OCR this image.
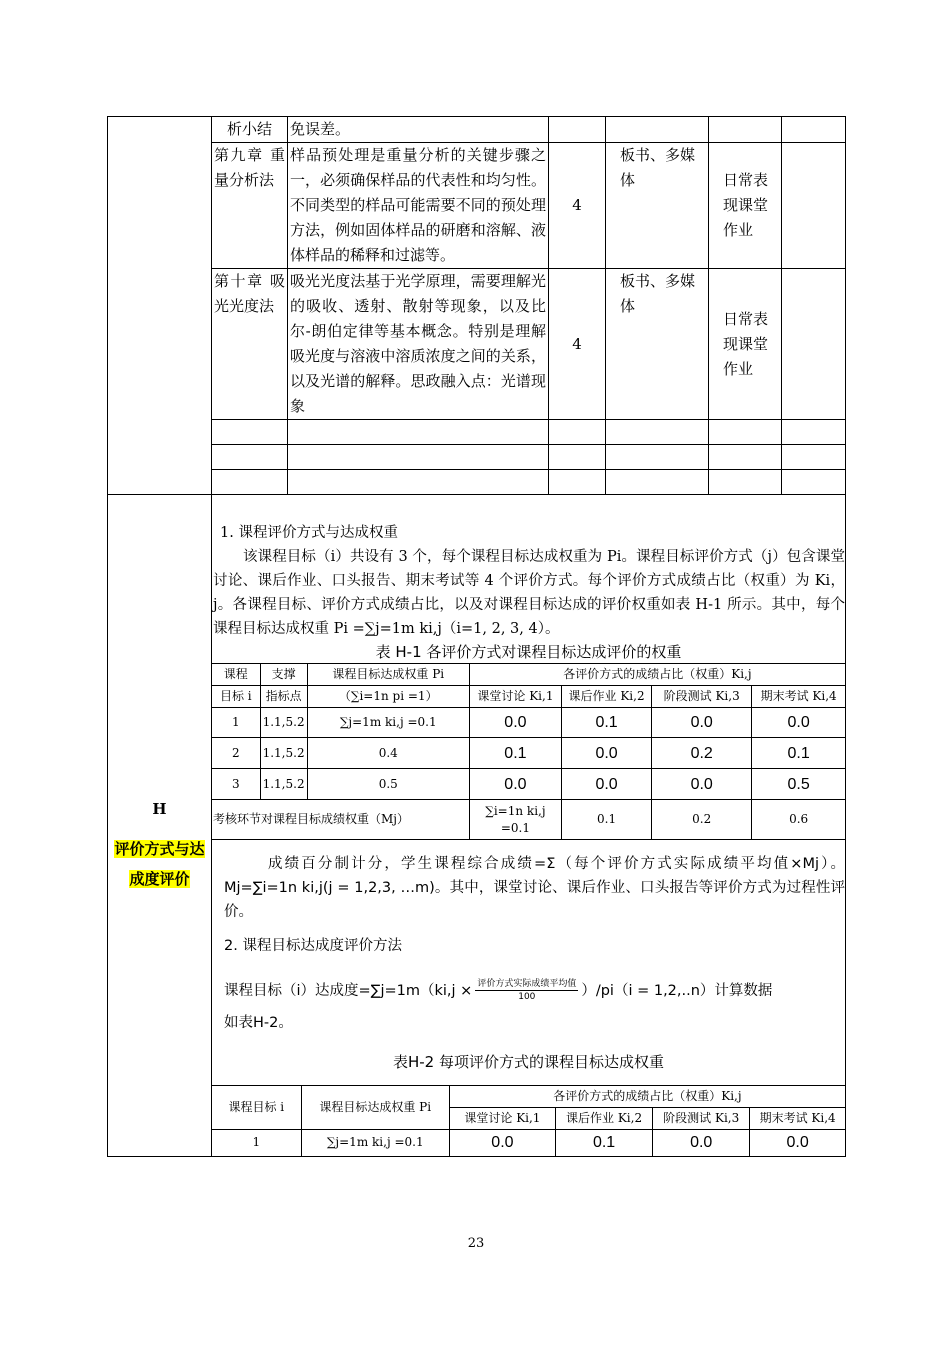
	析小结	免误差。				
第九章 重量分析法	样品预处理是重量分析的关键步骤之一，必须确保样品的代表性和均匀性。不同类型的样品可能需要不同的预处理方法，例如固体样品的研磨和溶解、液体样品的稀释和过滤等。	4	板书、多媒体	日常表现课堂作业	
第十章 吸光光度法	吸光光度法基于光学原理，需要理解光的吸收、透射、散射等现象，以及比尔-朗伯定律等基本概念。特别是理解吸光度与溶液中溶质浓度之间的关系，以及光谱的解释。思政融入点：光谱现象	4	板书、多媒体	日常表现课堂作业	

H
评价方式与达
成度评价

1. 课程评价方式与达成权重
该课程目标（i）共设有 3 个，每个课程目标达成权重为 Pi。课程目标评价方式（j）包含课堂讨论、课后作业、口头报告、期末考试等 4 个评价方式。每个评价方式成绩占比（权重）为 Ki，j。各课程目标、评价方式成绩占比，以及对课程目标达成的评价权重如表 H-1 所示。其中，每个课程目标达成权重 Pi =∑j=1m ki,j（i=1, 2, 3, 4）。
表 H-1 各评价方式对课程目标达成评价的权重
课程	支撑	课程目标达成权重 Pi	各评价方式的成绩占比（权重）Ki,j
目标 i	指标点	（∑i=1n pi =1）	课堂讨论 Ki,1	课后作业 Ki,2	阶段测试 Ki,3	期末考试 Ki,4
1	1.1,5.2	∑j=1m ki,j =0.1	0.0	0.1	0.0	0.0
2	1.1,5.2	0.4	0.1	0.0	0.2	0.1
3	1.1,5.2	0.5	0.0	0.0	0.0	0.5
考核环节对课程目标成绩权重（Mj）	∑i=1n ki,j =0.1	0.1	0.2	0.6
成绩百分制计分，学生课程综合成绩=Σ（每个评价方式实际成绩平均值×Mj）。Mj=∑i=1n ki,j(j = 1,2,3, …m)。其中，课堂讨论、课后作业、口头报告等评价方式为过程性评价。
2. 课程目标达成度评价方法
课程目标（i）达成度=∑j=1m（ki,j × 评价方式实际成绩平均值
100	）/pi（i = 1,2,..n）计算数据
如表H-2。
表H-2 每项评价方式的课程目标达成权重
课程目标 i	课程目标达成权重 Pi	各评价方式的成绩占比（权重）Ki,j
课堂讨论 Ki,1	课后作业 Ki,2	阶段测试 Ki,3	期末考试 Ki,4
1	∑j=1m ki,j =0.1	0.0	0.1	0.0	0.0
23
